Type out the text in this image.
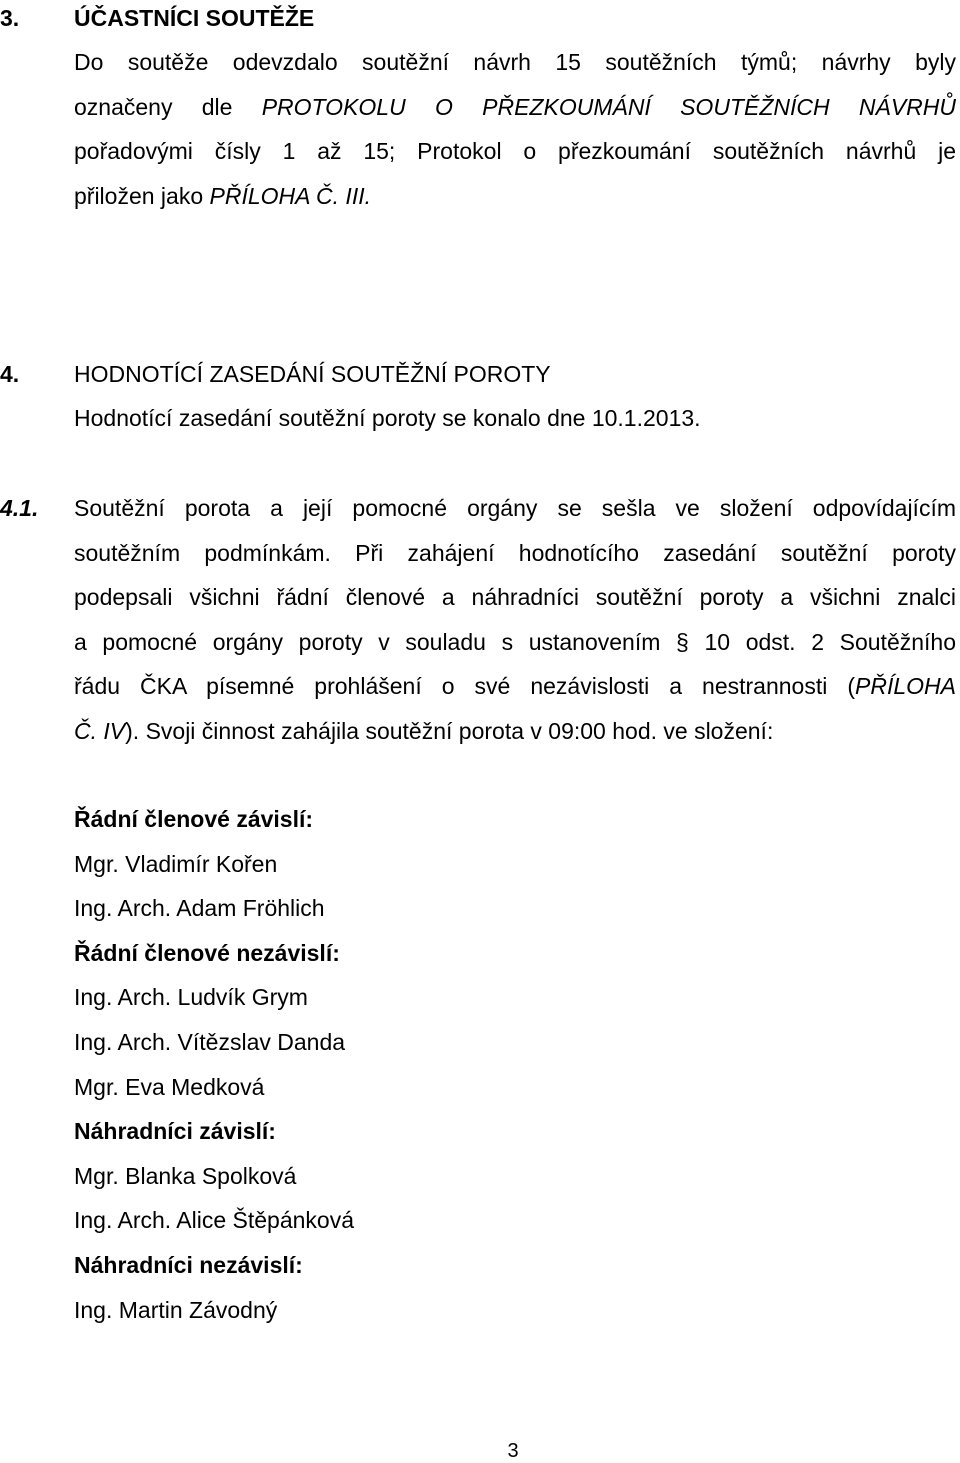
3. ÚČASTNÍCI SOUTĚŽE
Do soutěže odevzdalo soutěžní návrh 15 soutěžních týmů; návrhy byly
označeny dle PROTOKOLU O PŘEZKOUMÁNÍ SOUTĚŽNÍCH NÁVRHŮ
pořadovými čísly 1 až 15; Protokol o přezkoumání soutěžních návrhů je
přiložen jako PŘÍLOHA Č. III.
4. HODNOTÍCÍ ZASEDÁNÍ SOUTĚŽNÍ POROTY
Hodnotící zasedání soutěžní poroty se konalo dne 10.1.2013.
4.1. Soutěžní porota a její pomocné orgány se sešla ve složení odpovídajícím
soutěžním podmínkám. Při zahájení hodnotícího zasedání soutěžní poroty
podepsali všichni řádní členové a náhradníci soutěžní poroty a všichni znalci
a pomocné orgány poroty v souladu s ustanovením § 10 odst. 2 Soutěžního
řádu ČKA písemné prohlášení o své nezávislosti a nestrannosti (PŘÍLOHA
Č. IV). Svoji činnost zahájila soutěžní porota v 09:00 hod. ve složení:
Řádní členové závislí:
Mgr. Vladimír Kořen
Ing. Arch. Adam Fröhlich
Řádní členové nezávislí:
Ing. Arch. Ludvík Grym
Ing. Arch. Vítězslav Danda
Mgr. Eva Medková
Náhradníci závislí:
Mgr. Blanka Spolková
Ing. Arch. Alice Štěpánková
Náhradníci nezávislí:
Ing. Martin Závodný
3
